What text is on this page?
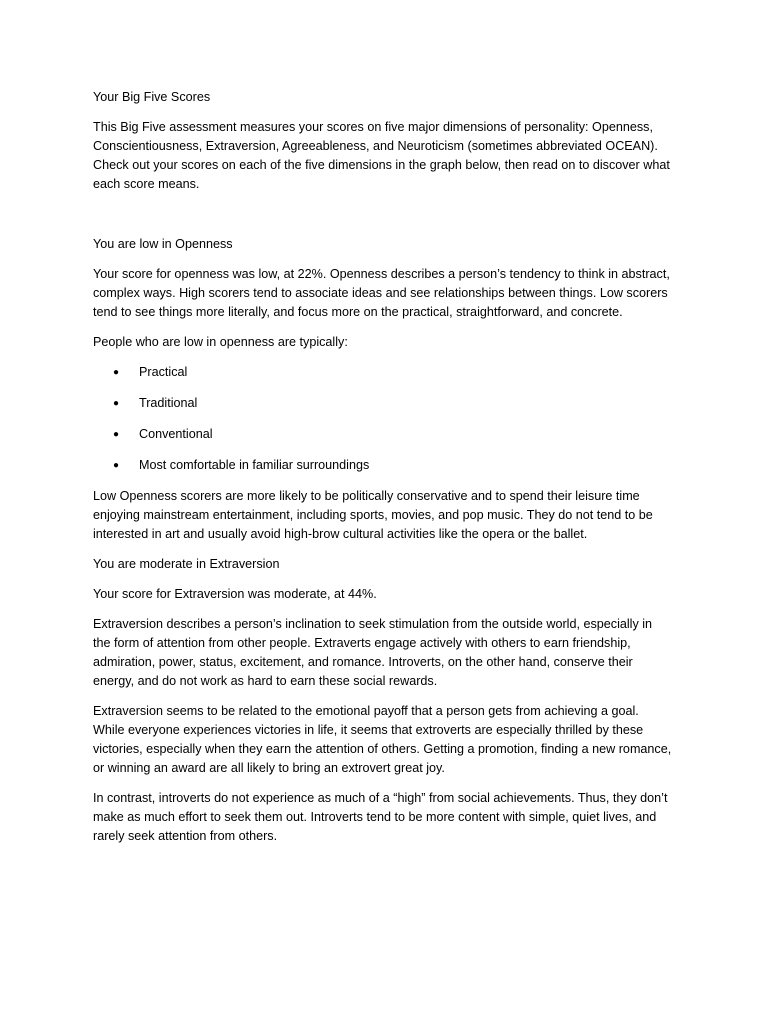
Your Big Five Scores

This Big Five assessment measures your scores on five major dimensions of personality: Openness, Conscientiousness, Extraversion, Agreeableness, and Neuroticism (sometimes abbreviated OCEAN). Check out your scores on each of the five dimensions in the graph below, then read on to discover what each score means.

You are low in Openness

Your score for openness was low, at 22%. Openness describes a person’s tendency to think in abstract, complex ways. High scorers tend to associate ideas and see relationships between things. Low scorers tend to see things more literally, and focus more on the practical, straightforward, and concrete.

People who are low in openness are typically:

● Practical
● Traditional
● Conventional
● Most comfortable in familiar surroundings

Low Openness scorers are more likely to be politically conservative and to spend their leisure time enjoying mainstream entertainment, including sports, movies, and pop music. They do not tend to be interested in art and usually avoid high-brow cultural activities like the opera or the ballet.

You are moderate in Extraversion

Your score for Extraversion was moderate, at 44%.

Extraversion describes a person’s inclination to seek stimulation from the outside world, especially in the form of attention from other people. Extraverts engage actively with others to earn friendship, admiration, power, status, excitement, and romance. Introverts, on the other hand, conserve their energy, and do not work as hard to earn these social rewards.

Extraversion seems to be related to the emotional payoff that a person gets from achieving a goal. While everyone experiences victories in life, it seems that extroverts are especially thrilled by these victories, especially when they earn the attention of others. Getting a promotion, finding a new romance, or winning an award are all likely to bring an extrovert great joy.

In contrast, introverts do not experience as much of a “high” from social achievements. Thus, they don’t make as much effort to seek them out. Introverts tend to be more content with simple, quiet lives, and rarely seek attention from others.
